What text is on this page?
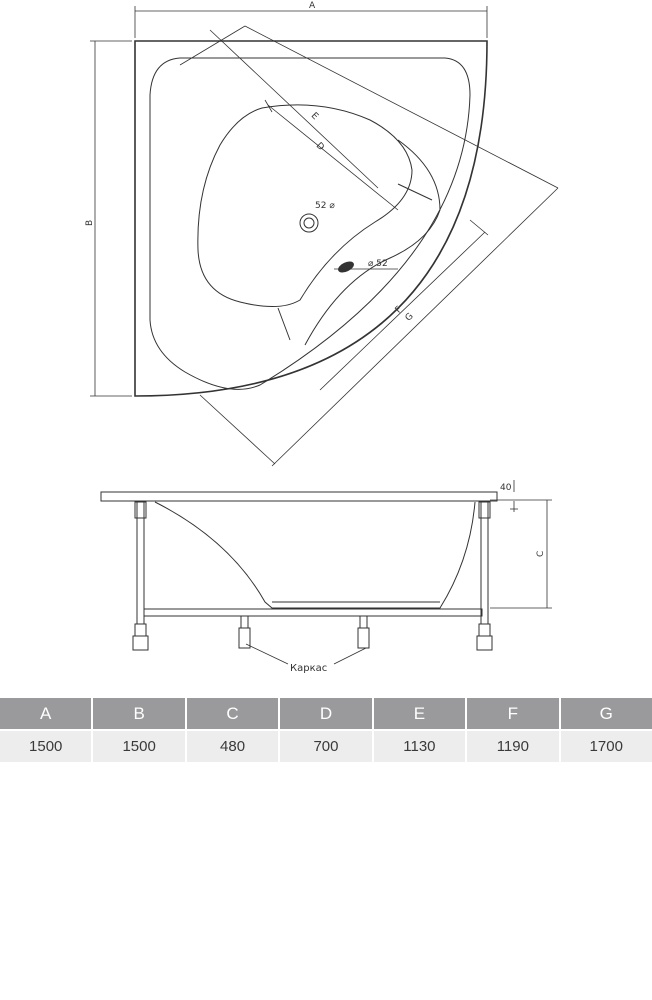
A
B
D
E
F
G
52 ⌀
⌀ 52
40
C
Каркас
A	B	C	D	E	F	G
1500	1500	480	700	1130	1190	1700
